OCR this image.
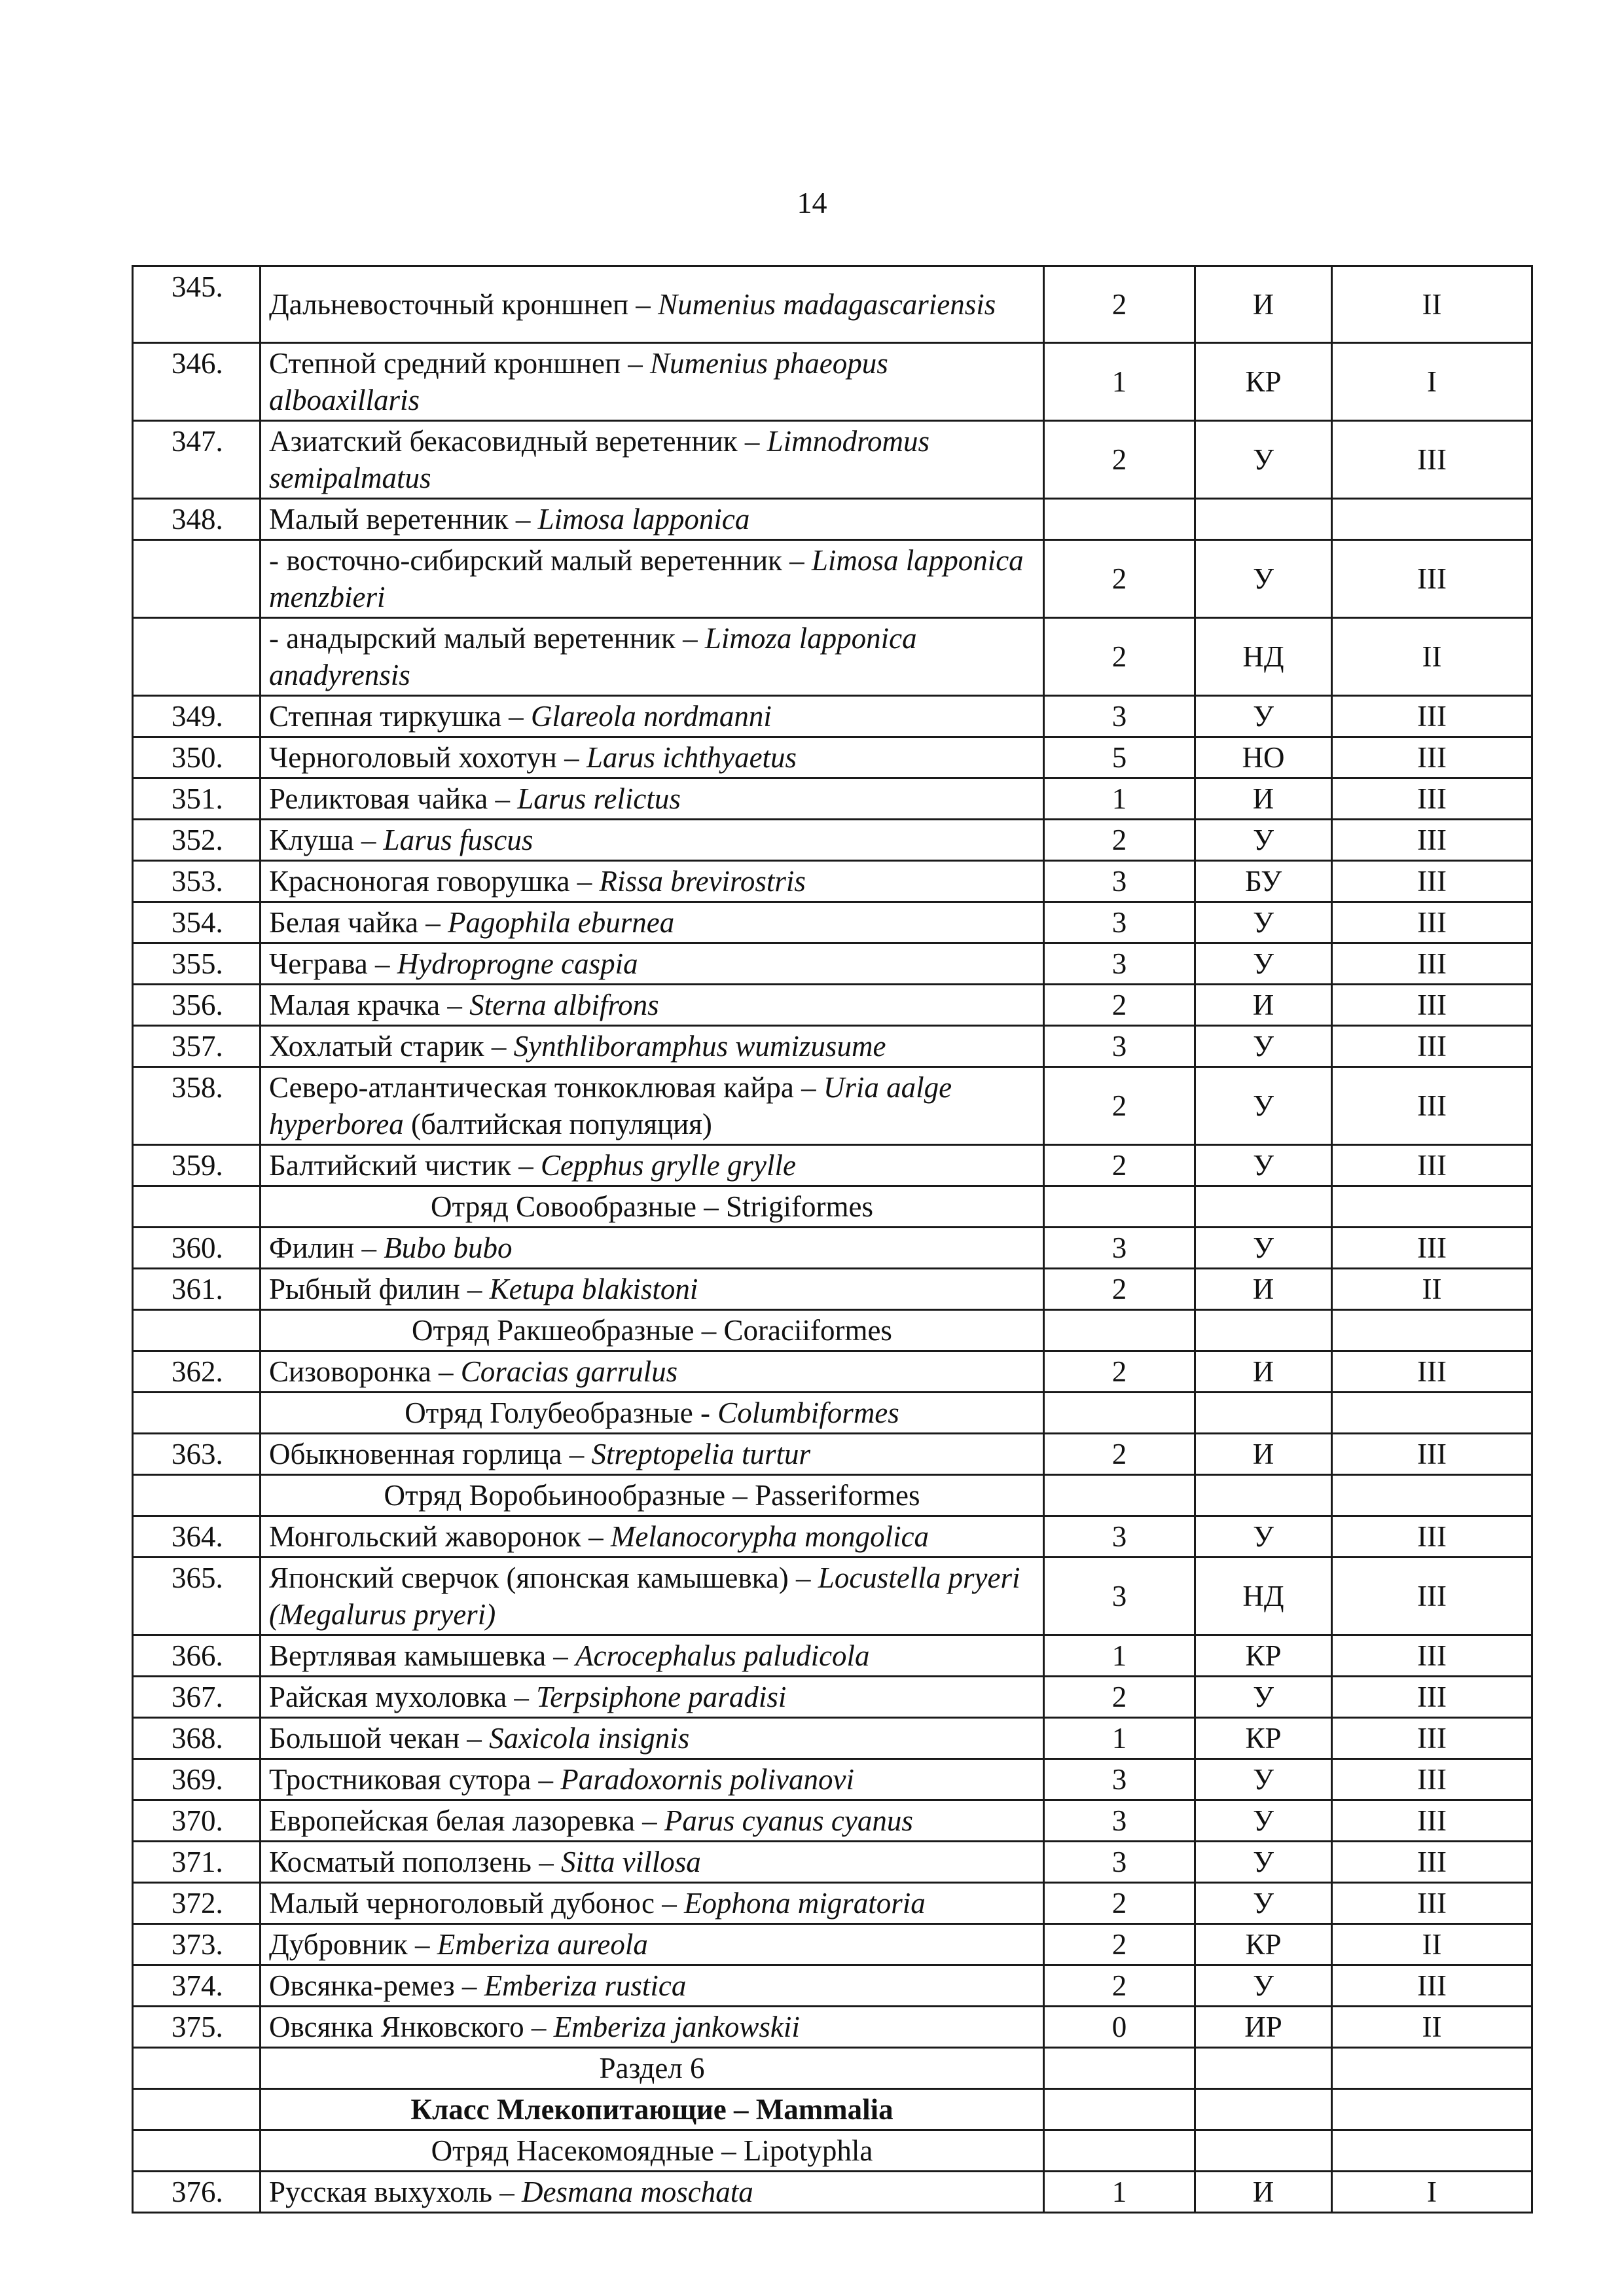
14
345.	Дальневосточный кроншнеп – Numenius madagascariensis	2	И	II
346.	Степной средний кроншнеп – Numenius phaeopus alboaxillaris	1	КР	I
347.	Азиатский бекасовидный веретенник – Limnodromus semipalmatus	2	У	III
348.	Малый веретенник – Limosa lapponica			
	- восточно-сибирский малый веретенник – Limosa lapponica menzbieri	2	У	III
	- анадырский малый веретенник – Limoza lapponica anadyrensis	2	НД	II
349.	Степная тиркушка – Glareola nordmanni	3	У	III
350.	Черноголовый хохотун – Larus ichthyaetus	5	НО	III
351.	Реликтовая чайка – Larus relictus	1	И	III
352.	Клуша – Larus fuscus	2	У	III
353.	Красноногая говорушка – Rissa brevirostris	3	БУ	III
354.	Белая чайка – Pagophila eburnea	3	У	III
355.	Чеграва – Hydroprogne caspia	3	У	III
356.	Малая крачка – Sterna albifrons	2	И	III
357.	Хохлатый старик – Synthliboramphus wumizusume	3	У	III
358.	Северо-атлантическая тонкоклювая кайра – Uria aalge hyperborea (балтийская популяция)	2	У	III
359.	Балтийский чистик – Cepphus grylle grylle	2	У	III
	Отряд Совообразные – Strigiformes			
360.	Филин – Bubo bubo	3	У	III
361.	Рыбный филин – Ketupa blakistoni	2	И	II
	Отряд Ракшеобразные – Coraciiformes			
362.	Сизоворонка – Coracias garrulus	2	И	III
	Отряд Голубеобразные - Columbiformes			
363.	Обыкновенная горлица – Streptopelia turtur	2	И	III
	Отряд Воробьинообразные – Passeriformes			
364.	Монгольский жаворонок – Melanocorypha mongolica	3	У	III
365.	Японский сверчок (японская камышевка) – Locustella pryeri (Megalurus pryeri)	3	НД	III
366.	Вертлявая камышевка – Acrocephalus paludicola	1	КР	III
367.	Райская мухоловка – Terpsiphone paradisi	2	У	III
368.	Большой чекан – Saxicola insignis	1	КР	III
369.	Тростниковая сутора – Paradoxornis polivanovi	3	У	III
370.	Европейская белая лазоревка – Parus cyanus cyanus	3	У	III
371.	Косматый поползень – Sitta villosa	3	У	III
372.	Малый черноголовый дубонос – Eophona migratoria	2	У	III
373.	Дубровник – Emberiza aureola	2	КР	II
374.	Овсянка-ремез – Emberiza rustica	2	У	III
375.	Овсянка Янковского – Emberiza jankowskii	0	ИР	II
	Раздел 6			
	Класс Млекопитающие – Mammalia			
	Отряд Насекомоядные – Lipotyphla			
376.	Русская выхухоль – Desmana moschata	1	И	I
